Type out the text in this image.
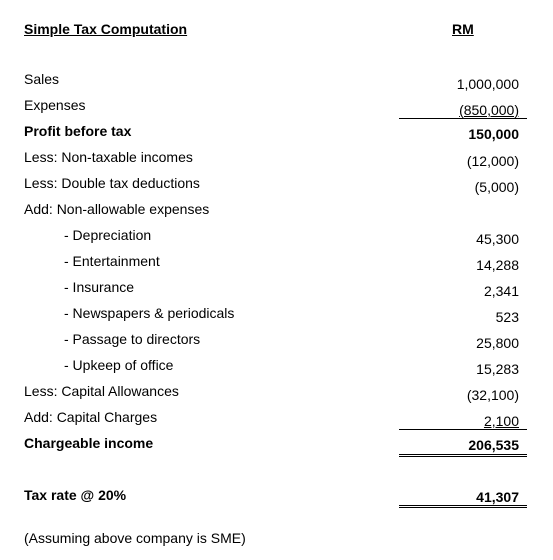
Simple Tax Computation	RM
Sales	1,000,000
Expenses	(850,000)
Profit before tax	150,000
Less: Non-taxable incomes	(12,000)
Less: Double tax deductions	(5,000)
Add: Non-allowable expenses
- Depreciation	45,300
- Entertainment	14,288
- Insurance	2,341
- Newspapers & periodicals	523
- Passage to directors	25,800
- Upkeep of office	15,283
Less: Capital Allowances	(32,100)
Add: Capital Charges	2,100
Chargeable income	206,535
Tax rate @ 20%	41,307
(Assuming above company is SME)
